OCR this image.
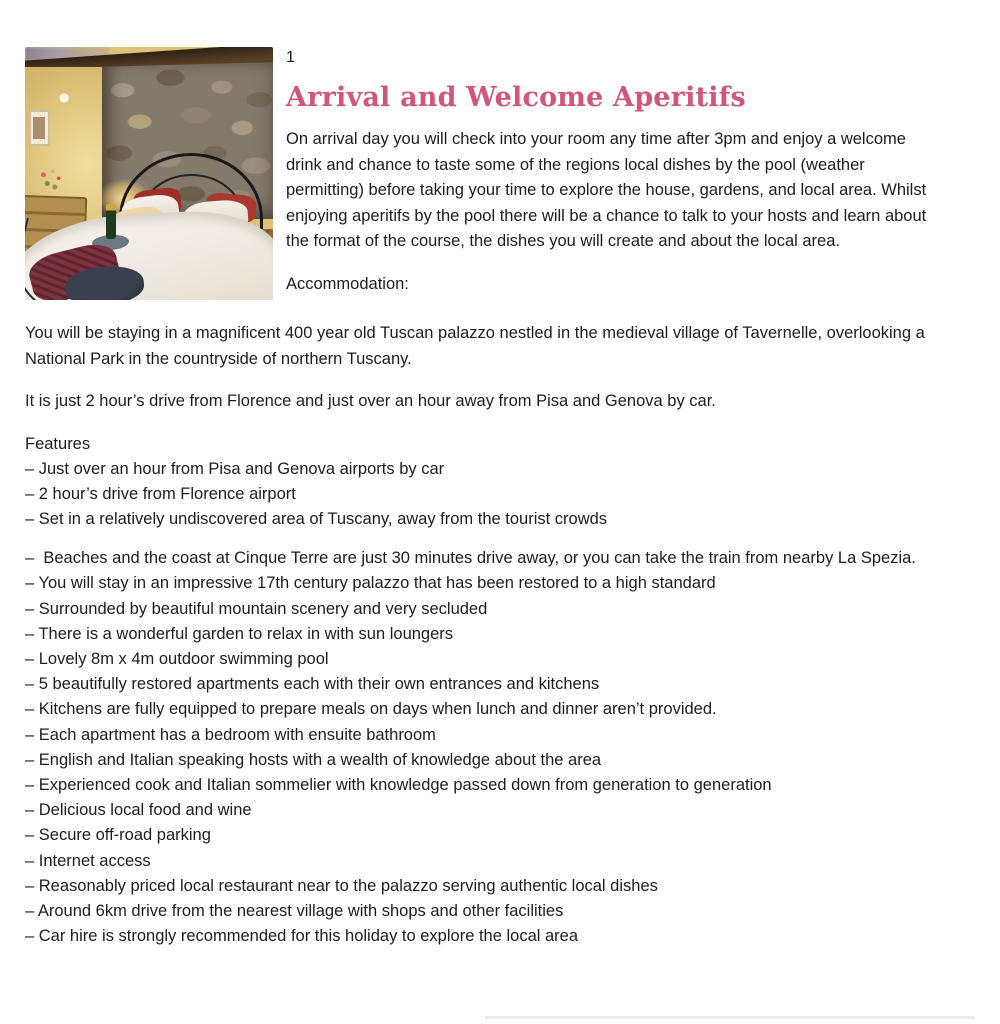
1
Arrival and Welcome Aperitifs

On arrival day you will check into your room any time after 3pm and enjoy a welcome drink and chance to taste some of the regions local dishes by the pool (weather permitting) before taking your time to explore the house, gardens, and local area. Whilst enjoying aperitifs by the pool there will be a chance to talk to your hosts and learn about the format of the course, the dishes you will create and about the local area.

Accommodation:

You will be staying in a magnificent 400 year old Tuscan palazzo nestled in the medieval village of Tavernelle, overlooking a National Park in the countryside of northern Tuscany.

It is just 2 hour’s drive from Florence and just over an hour away from Pisa and Genova by car.

Features
– Just over an hour from Pisa and Genova airports by car
– 2 hour’s drive from Florence airport
– Set in a relatively undiscovered area of Tuscany, away from the tourist crowds
–  Beaches and the coast at Cinque Terre are just 30 minutes drive away, or you can take the train from nearby La Spezia.
– You will stay in an impressive 17th century palazzo that has been restored to a high standard
– Surrounded by beautiful mountain scenery and very secluded
– There is a wonderful garden to relax in with sun loungers
– Lovely 8m x 4m outdoor swimming pool
– 5 beautifully restored apartments each with their own entrances and kitchens
– Kitchens are fully equipped to prepare meals on days when lunch and dinner aren’t provided.
– Each apartment has a bedroom with ensuite bathroom
– English and Italian speaking hosts with a wealth of knowledge about the area
– Experienced cook and Italian sommelier with knowledge passed down from generation to generation
– Delicious local food and wine
– Secure off-road parking
– Internet access
– Reasonably priced local restaurant near to the palazzo serving authentic local dishes
– Around 6km drive from the nearest village with shops and other facilities
– Car hire is strongly recommended for this holiday to explore the local area
